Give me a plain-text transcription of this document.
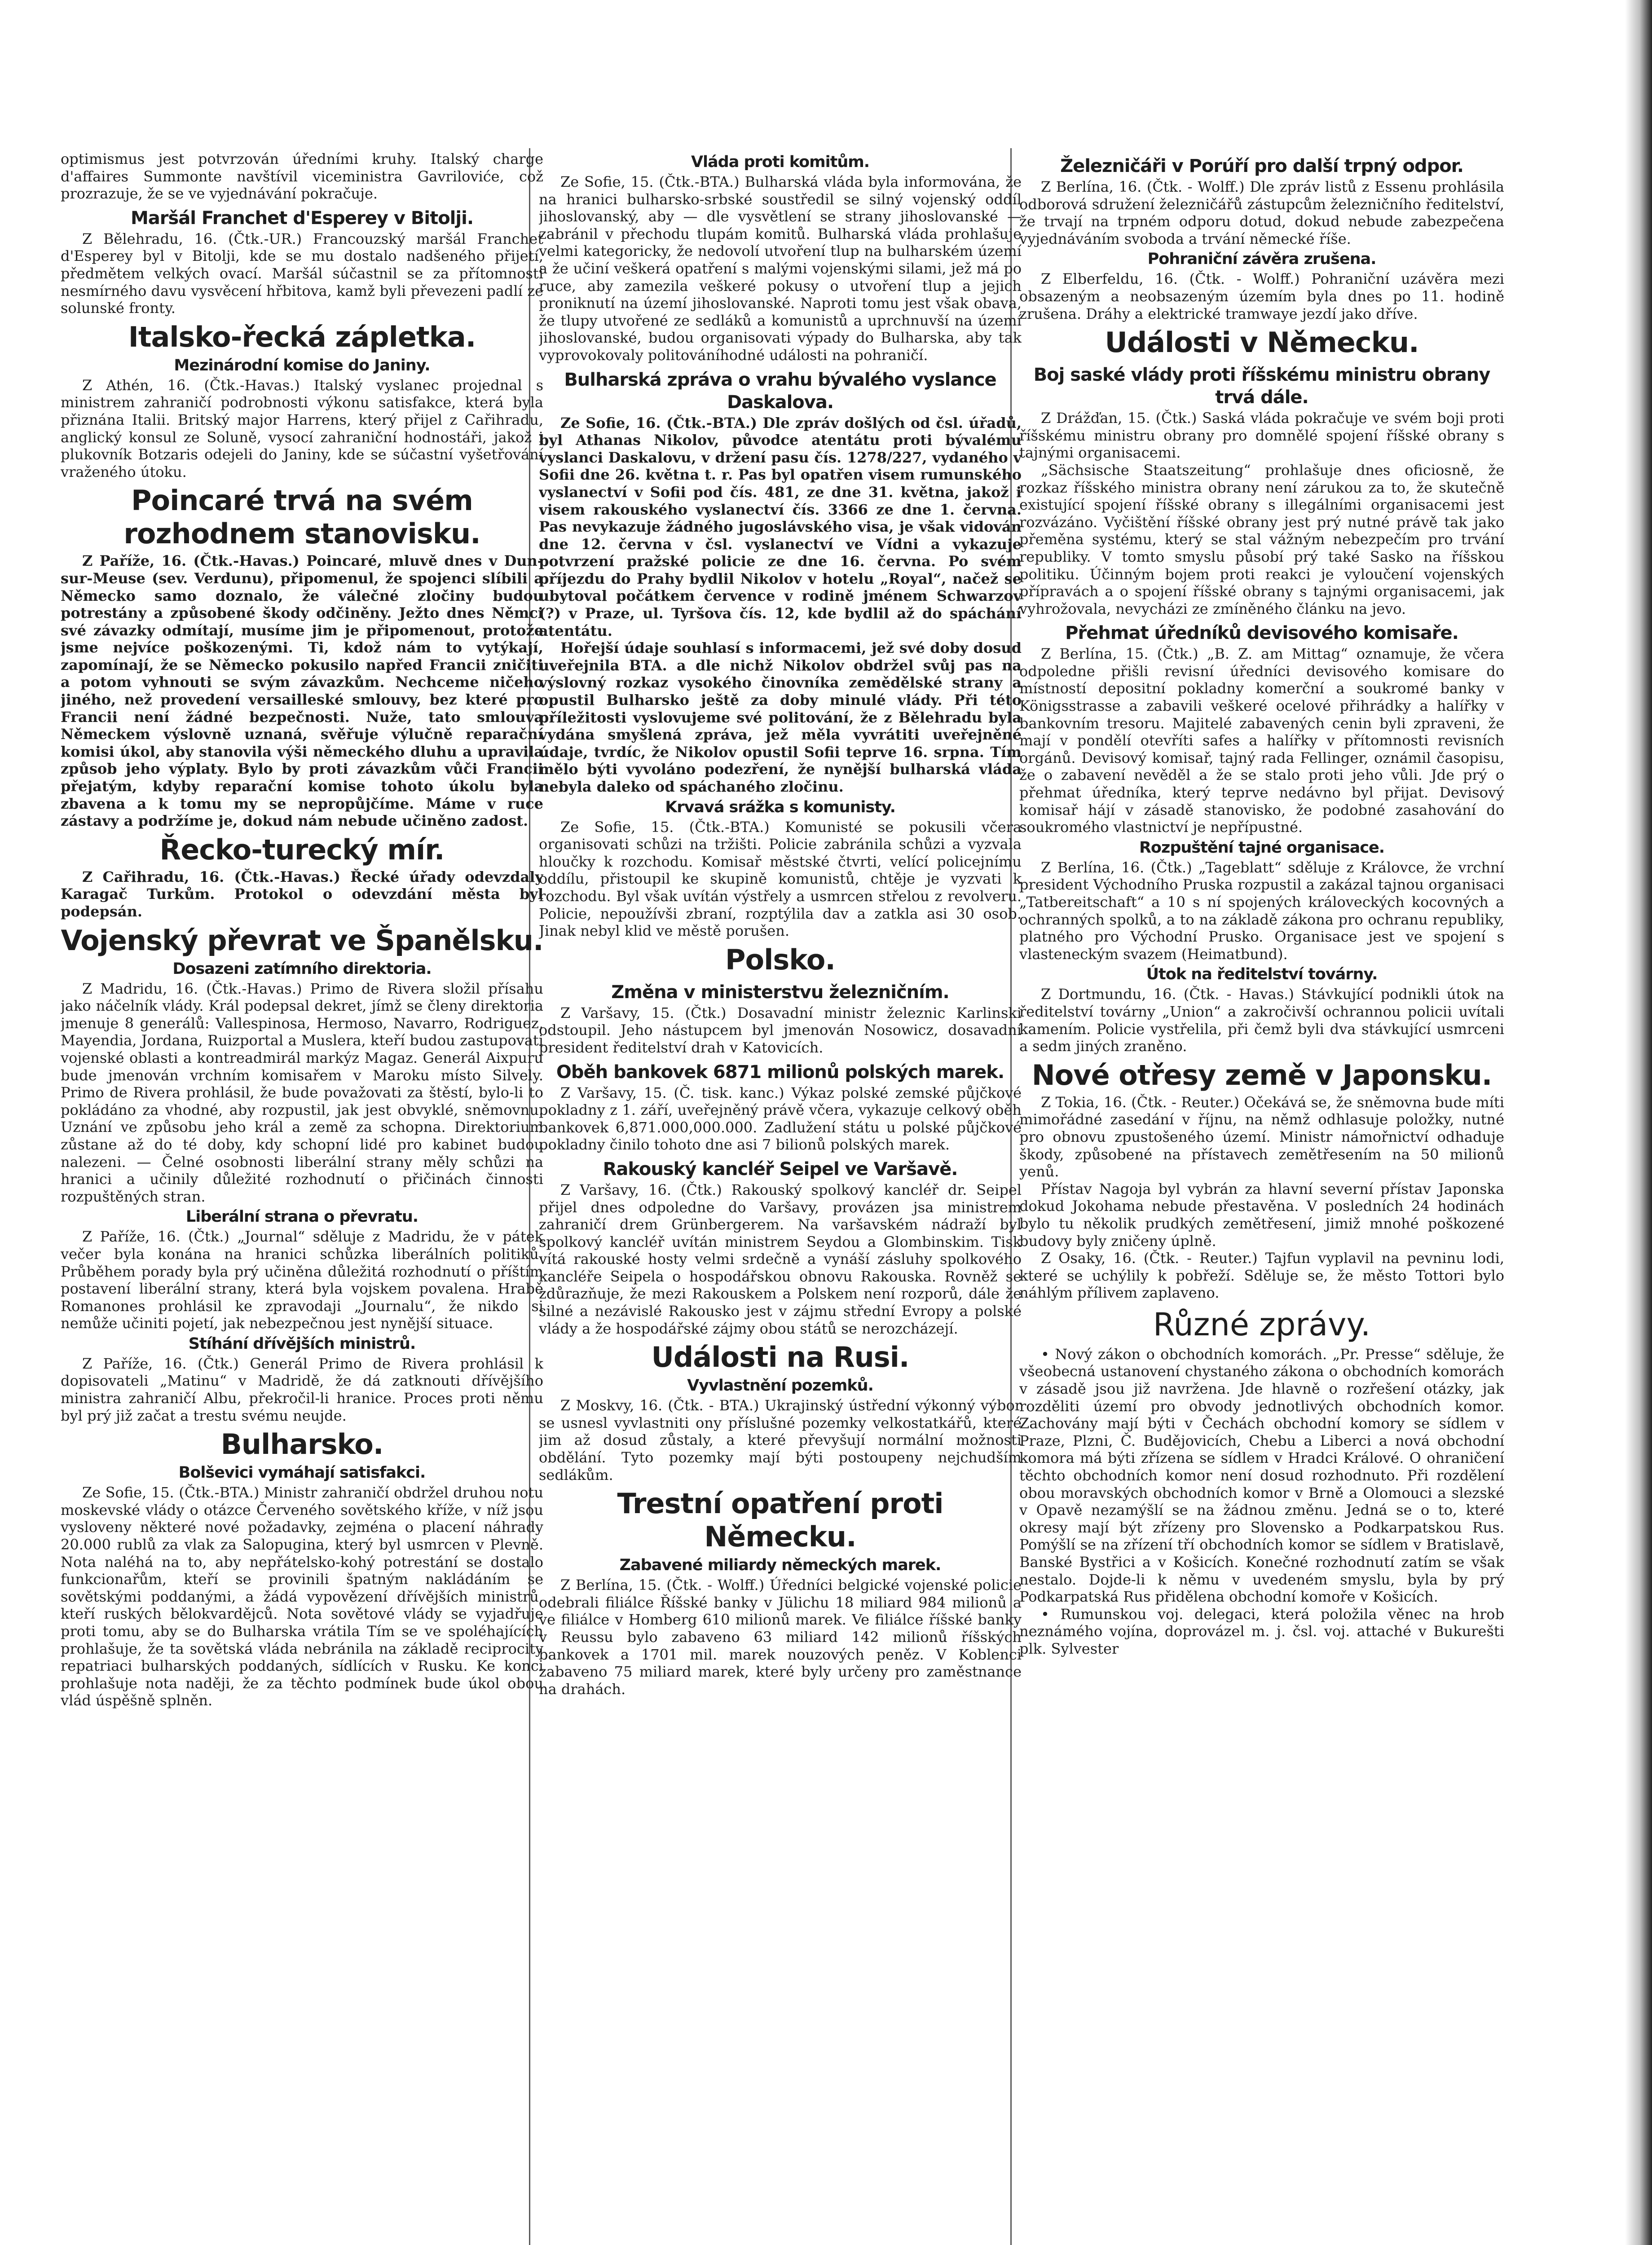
optimismus jest potvrzován úředními kruhy. Italský charge d'affaires Summonte navštívil viceministra Gavriloviće, což prozrazuje, že se ve vyjednávání pokračuje.

Maršál Franchet d'Esperey v Bitolji.

Z Bělehradu, 16. (Čtk.-UR.) Francouzský maršál Franchet d'Esperey byl v Bitolji, kde se mu dostalo nadšeného přijetí, předmětem velkých ovací. Maršál súčastnil se za přítomnosti nesmírného davu vysvěcení hřbitova, kamž byli převezeni padlí ze solunské fronty.

Italsko-řecká zápletka.
Mezinárodní komise do Janiny.

Z Athén, 16. (Čtk.-Havas.) Italský vyslanec projednal s ministrem zahraničí podrobnosti výkonu satisfakce, která byla přiznána Italii. Britský major Harrens, který přijel z Cařihradu, anglický konsul ze Soluně, vysocí zahraniční hodnostáři, jakož i plukovník Botzaris odejeli do Janiny, kde se súčastní vyšetřování vraženého útoku.

Poincaré trvá na svém rozhodnem stanovisku.

Z Paříže, 16. (Čtk.-Havas.) Poincaré, mluvě dnes v Dun-sur-Meuse (sev. Verdunu), připomenul, že spojenci slíbili a Německo samo doznalo, že válečné zločiny budou potrestány a způsobené škody odčiněny. Ježto dnes Němci své závazky odmítají, musíme jim je připomenout, protože jsme nejvíce poškozenými. Ti, kdož nám to vytýkají, zapomínají, že se Německo pokusilo napřed Francii zničiti a potom vyhnouti se svým závazkům. Nechceme ničeho jiného, než provedení versailleské smlouvy, bez které pro Francii není žádné bezpečnosti. Nuže, tato smlouva Německem výslovně uznaná, svěřuje výlučně reparační komisi úkol, aby stanovila výši německého dluhu a upravila způsob jeho výplaty. Bylo by proti závazkům vůči Francii přejatým, kdyby reparační komise tohoto úkolu byla zbavena a k tomu my se nepropůjčíme. Máme v ruce zástavy a podržíme je, dokud nám nebude učiněno zadost.

Řecko-turecký mír.

Z Cařihradu, 16. (Čtk.-Havas.) Řecké úřady odevzdaly Karagač Turkům. Protokol o odevzdání města byl podepsán.

Vojenský převrat ve Španělsku.
Dosazeni zatímního direktoria.

Z Madridu, 16. (Čtk.-Havas.) Primo de Rivera složil přísahu jako náčelník vlády. Král podepsal dekret, jímž se členy direktoria jmenuje 8 generálů: Vallespinosa, Hermoso, Navarro, Rodriguez, Mayendia, Jordana, Ruizportal a Muslera, kteří budou zastupovati vojenské oblasti a kontreadmirál markýz Magaz. Generál Aixpuru bude jmenován vrchním komisařem v Maroku místo Silvely. Primo de Rivera prohlásil, že bude považovati za štěstí, bylo-li to pokládáno za vhodné, aby rozpustil, jak jest obvyklé, sněmovnu. Uznání ve způsobu jeho král a země za schopna. Direktorium zůstane až do té doby, kdy schopní lidé pro kabinet budou nalezeni. — Čelné osobnosti liberální strany měly schůzi na hranici a učinily důležité rozhodnutí o přičinách činnosti rozpuštěných stran.

Liberální strana o převratu.

Z Paříže, 16. (Čtk.) „Journal“ sděluje z Madridu, že v pátek večer byla konána na hranici schůzka liberálních politiků. Průběhem porady byla prý učiněna důležitá rozhodnutí o příštím postavení liberální strany, která byla vojskem povalena. Hrabě Romanones prohlásil ke zpravodaji „Journalu“, že nikdo si nemůže učiniti pojetí, jak nebezpečnou jest nynější situace.

Stíhání dřívějších ministrů.

Z Paříže, 16. (Čtk.) Generál Primo de Rivera prohlásil k dopisovateli „Matinu“ v Madridě, že dá zatknouti dřívějšího ministra zahraničí Albu, překročil-li hranice. Proces proti němu byl prý již začat a trestu svému neujde.

Bulharsko.
Bolševici vymáhají satisfakci.

Ze Sofie, 15. (Čtk.-BTA.) Ministr zahraničí obdržel druhou notu moskevské vlády o otázce Červeného sovětského kříže, v níž jsou vysloveny některé nové požadavky, zejména o placení náhrady 20.000 rublů za vlak za Salopugina, který byl usmrcen v Plevně. Nota naléhá na to, aby nepřátelsko-kohý potrestání se dostalo funkcionařům, kteří se provinili špatným nakládáním se sovětskými poddanými, a žádá vypovězení dřívějších ministrů, kteří ruských bělokvardějců. Nota sovětové vlády se vyjadřuje proti tomu, aby se do Bulharska vrátila Tím se ve spoléhajících prohlašuje, že ta sovětská vláda nebránila na základě reciprocity repatriaci bulharských poddaných, sídlících v Rusku. Ke konci prohlašuje nota naději, že za těchto podmínek bude úkol obou vlád úspěšně splněn.

Vláda proti komitům.

Ze Sofie, 15. (Čtk.-BTA.) Bulharská vláda byla informována, že na hranici bulharsko-srbské soustředil se silný vojenský oddíl jihoslovanský, aby — dle vysvětlení se strany jihoslovanské — zabránil v přechodu tlupám komitů. Bulharská vláda prohlašuje velmi kategoricky, že nedovolí utvoření tlup na bulharském území a že učiní veškerá opatření s malými vojenskými silami, jež má po ruce, aby zamezila veškeré pokusy o utvoření tlup a jejich proniknutí na území jihoslovanské. Naproti tomu jest však obava, že tlupy utvořené ze sedláků a komunistů a uprchnuvší na území jihoslovanské, budou organisovati výpady do Bulharska, aby tak vyprovokovaly politováníhodné události na pohraničí.

Bulharská zpráva o vrahu bývalého vyslance Daskalova.

Ze Sofie, 16. (Čtk.-BTA.) Dle zpráv došlých od čsl. úřadů, byl Athanas Nikolov, původce atentátu proti bývalému vyslanci Daskalovu, v držení pasu čís. 1278/227, vydaného v Sofii dne 26. května t. r. Pas byl opatřen visem rumunského vyslanectví v Sofii pod čís. 481, ze dne 31. května, jakož i visem rakouského vyslanectví čís. 3366 ze dne 1. června. Pas nevykazuje žádného jugoslávského visa, je však vidován dne 12. června v čsl. vyslanectví ve Vídni a vykazuje potvrzení pražské policie ze dne 16. června. Po svém příjezdu do Prahy bydlil Nikolov v hotelu „Royal“, načež se ubytoval počátkem července v rodině jménem Schwarzov (?) v Praze, ul. Tyršova čís. 12, kde bydlil až do spáchání atentátu.

Hořejší údaje souhlasí s informacemi, jež své doby dosud uveřejnila BTA. a dle nichž Nikolov obdržel svůj pas na výslovný rozkaz vysokého činovníka zemědělské strany a opustil Bulharsko ještě za doby minulé vlády. Při této příležitosti vyslovujeme své politování, že z Bělehradu byla vydána smyšlená zpráva, jež měla vyvrátiti uveřejněné údaje, tvrdíc, že Nikolov opustil Sofii teprve 16. srpna. Tím mělo býti vyvoláno podezření, že nynější bulharská vláda nebyla daleko od spáchaného zločinu.

Krvavá srážka s komunisty.

Ze Sofie, 15. (Čtk.-BTA.) Komunisté se pokusili včera organisovati schůzi na tržišti. Policie zabránila schůzi a vyzvala hloučky k rozchodu. Komisař městské čtvrti, velící policejnímu oddílu, přistoupil ke skupině komunistů, chtěje je vyzvati k rozchodu. Byl však uvítán výstřely a usmrcen střelou z revolveru. Policie, nepoužívši zbraní, rozptýlila dav a zatkla asi 30 osob. Jinak nebyl klid ve městě porušen.

Polsko.
Změna v ministerstvu železničním.

Z Varšavy, 15. (Čtk.) Dosavadní ministr železnic Karlinski odstoupil. Jeho nástupcem byl jmenován Nosowicz, dosavadní president ředitelství drah v Katovicích.

Oběh bankovek 6871 milionů polských marek.

Z Varšavy, 15. (Č. tisk. kanc.) Výkaz polské zemské půjčkové pokladny z 1. září, uveřejněný právě včera, vykazuje celkový oběh bankovek 6,871.000,000.000. Zadlužení státu u polské půjčkové pokladny činilo tohoto dne asi 7 bilionů polských marek.

Rakouský kancléř Seipel ve Varšavě.

Z Varšavy, 16. (Čtk.) Rakouský spolkový kancléř dr. Seipel přijel dnes odpoledne do Varšavy, provázen jsa ministrem zahraničí drem Grünbergerem. Na varšavském nádraží byl spolkový kancléř uvítán ministrem Seydou a Glombinskim. Tisk vítá rakouské hosty velmi srdečně a vynáší zásluhy spolkového kancléře Seipela o hospodářskou obnovu Rakouska. Rovněž se zdůrazňuje, že mezi Rakouskem a Polskem není rozporů, dále že silné a nezávislé Rakousko jest v zájmu střední Evropy a polské vlády a že hospodářské zájmy obou států se nerozcházejí.

Události na Rusi.
Vyvlastnění pozemků.

Z Moskvy, 16. (Čtk. - BTA.) Ukrajinský ústřední výkonný výbor se usnesl vyvlastniti ony příslušné pozemky velkostatkářů, které jim až dosud zůstaly, a které převyšují normální možnosti obdělání. Tyto pozemky mají býti postoupeny nejchudším sedlákům.

Trestní opatření proti Německu.
Zabavené miliardy německých marek.

Z Berlína, 15. (Čtk. - Wolff.) Úředníci belgické vojenské policie odebrali filiálce Říšské banky v Jülichu 18 miliard 984 milionů a ve filiálce v Homberg 610 milionů marek. Ve filiálce říšské banky v Reussu bylo zabaveno 63 miliard 142 milionů říšských bankovek a 1701 mil. marek nouzových peněz. V Koblenci zabaveno 75 miliard marek, které byly určeny pro zaměstnance na drahách.

Železničáři v Porúří pro další trpný odpor.

Z Berlína, 16. (Čtk. - Wolff.) Dle zpráv listů z Essenu prohlásila odborová sdružení železničářů zástupcům železničního ředitelství, že trvají na trpném odporu dotud, dokud nebude zabezpečena vyjednáváním svoboda a trvání německé říše.

Pohraniční závěra zrušena.

Z Elberfeldu, 16. (Čtk. - Wolff.) Pohraniční uzávěra mezi obsazeným a neobsazeným územím byla dnes po 11. hodině zrušena. Dráhy a elektrické tramwaye jezdí jako dříve.

Události v Německu.
Boj saské vlády proti říšskému ministru obrany trvá dále.

Z Drážďan, 15. (Čtk.) Saská vláda pokračuje ve svém boji proti říšskému ministru obrany pro domnělé spojení říšské obrany s tajnými organisacemi.

„Sächsische Staatszeitung“ prohlašuje dnes oficiosně, že rozkaz říšského ministra obrany není zárukou za to, že skutečně existující spojení říšské obrany s illegálními organisacemi jest rozvázáno. Vyčištění říšské obrany jest prý nutné právě tak jako přeměna systému, který se stal vážným nebezpečím pro trvání republiky. V tomto smyslu působí prý také Sasko na říšskou politiku. Účinným bojem proti reakci je vyloučení vojenských přípravách a o spojení říšské obrany s tajnými organisacemi, jak vyhrožovala, nevycházi ze zmíněného článku na jevo.

Přehmat úředníků devisového komisaře.

Z Berlína, 15. (Čtk.) „B. Z. am Mittag“ oznamuje, že včera odpoledne přišli revisní úředníci devisového komisare do místností depositní pokladny komerční a soukromé banky v Königsstrasse a zabavili veškeré ocelové přihrádky a halířky v bankovním tresoru. Majitelé zabavených cenin byli zpraveni, že mají v pondělí otevříti safes a halířky v přítomnosti revisních orgánů. Devisový komisař, tajný rada Fellinger, oznámil časopisu, že o zabavení nevěděl a že se stalo proti jeho vůli. Jde prý o přehmat úředníka, který teprve nedávno byl přijat. Devisový komisař hájí v zásadě stanovisko, že podobné zasahování do soukromého vlastnictví je nepřípustné.

Rozpuštění tajné organisace.

Z Berlína, 16. (Čtk.) „Tageblatt“ sděluje z Královce, že vrchní president Východního Pruska rozpustil a zakázal tajnou organisaci „Tatbereitschaft“ a 10 s ní spojených královeckých kocovných a ochranných spolků, a to na základě zákona pro ochranu republiky, platného pro Východní Prusko. Organisace jest ve spojení s vlasteneckým svazem (Heimatbund).

Útok na ředitelství továrny.

Z Dortmundu, 16. (Čtk. - Havas.) Stávkující podnikli útok na ředitelství továrny „Union“ a zakročivší ochrannou policii uvítali kamením. Policie vystřelila, při čemž byli dva stávkující usmrceni a sedm jiných zraněno.

Nové otřesy země v Japonsku.

Z Tokia, 16. (Čtk. - Reuter.) Očekává se, že sněmovna bude míti mimořádné zasedání v říjnu, na němž odhlasuje položky, nutné pro obnovu zpustošeného území. Ministr námořnictví odhaduje škody, způsobené na přístavech zemětřesením na 50 milionů yenů.

Přístav Nagoja byl vybrán za hlavní severní přístav Japonska dokud Jokohama nebude přestavěna. V posledních 24 hodinách bylo tu několik prudkých zemětřesení, jimiž mnohé poškozené budovy byly zničeny úplně.

Z Osaky, 16. (Čtk. - Reuter.) Tajfun vyplavil na pevninu lodi, které se uchýlily k pobřeží. Sděluje se, že město Tottori bylo náhlým přílivem zaplaveno.

Různé zprávy.

• Nový zákon o obchodních komorách. „Pr. Presse“ sděluje, že všeobecná ustanovení chystaného zákona o obchodních komorách v zásadě jsou již navržena. Jde hlavně o rozřešení otázky, jak rozděliti území pro obvody jednotlivých obchodních komor. Zachovány mají býti v Čechách obchodní komory se sídlem v Praze, Plzni, Č. Budějovicích, Chebu a Liberci a nová obchodní komora má býti zřízena se sídlem v Hradci Králové. O ohraničení těchto obchodních komor není dosud rozhodnuto. Při rozdělení obou moravských obchodních komor v Brně a Olomouci a slezské v Opavě nezamýšlí se na žádnou změnu. Jedná se o to, které okresy mají být zřízeny pro Slovensko a Podkarpatskou Rus. Pomýšlí se na zřízení tří obchodních komor se sídlem v Bratislavě, Banské Bystřici a v Košicích. Konečné rozhodnutí zatím se však nestalo. Dojde-li k němu v uvedeném smyslu, byla by prý Podkarpatská Rus přidělena obchodní komoře v Košicích.

• Rumunskou voj. delegaci, která položila věnec na hrob neznámého vojína, doprovázel m. j. čsl. voj. attaché v Bukurešti plk. Sylvester
